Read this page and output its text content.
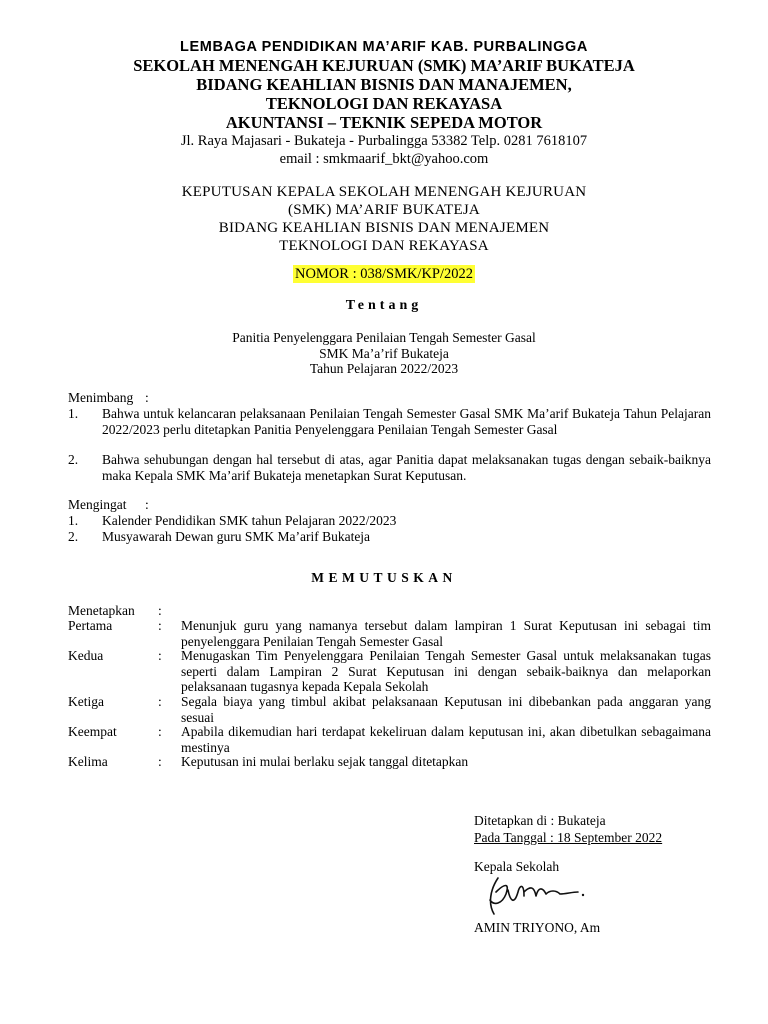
LEMBAGA PENDIDIKAN MA’ARIF KAB. PURBALINGGA
SEKOLAH MENENGAH KEJURUAN (SMK) MA’ARIF BUKATEJA
BIDANG KEAHLIAN BISNIS DAN MANAJEMEN,
TEKNOLOGI DAN REKAYASA
AKUNTANSI – TEKNIK SEPEDA MOTOR
Jl. Raya Majasari - Bukateja - Purbalingga 53382 Telp. 0281 7618107
email : smkmaarif_bkt@yahoo.com
KEPUTUSAN KEPALA SEKOLAH MENENGAH KEJURUAN
(SMK) MA’ARIF BUKATEJA
BIDANG KEAHLIAN BISNIS DAN MENAJEMEN
TEKNOLOGI DAN REKAYASA
NOMOR : 038/SMK/KP/2022
Tentang
Panitia Penyelenggara Penilaian Tengah Semester Gasal
SMK Ma’a’rif Bukateja
Tahun Pelajaran 2022/2023
Menimbang :
1. Bahwa untuk kelancaran pelaksanaan Penilaian Tengah Semester Gasal SMK Ma’arif Bukateja Tahun Pelajaran 2022/2023 perlu ditetapkan Panitia Penyelenggara Penilaian Tengah Semester Gasal
2. Bahwa sehubungan dengan hal tersebut di atas, agar Panitia dapat melaksanakan tugas dengan sebaik-baiknya maka Kepala SMK Ma’arif Bukateja menetapkan Surat Keputusan.
Mengingat :
1. Kalender Pendidikan SMK tahun Pelajaran 2022/2023
2. Musyawarah Dewan guru SMK Ma’arif Bukateja
MEMUTUSKAN
Menetapkan :
Pertama	: Menunjuk guru yang namanya tersebut dalam lampiran 1 Surat Keputusan ini sebagai tim penyelenggara Penilaian Tengah Semester Gasal
Kedua	: Menugaskan Tim Penyelenggara Penilaian Tengah Semester Gasal untuk melaksanakan tugas seperti dalam Lampiran 2 Surat Keputusan ini dengan sebaik-baiknya dan melaporkan pelaksanaan tugasnya kepada Kepala Sekolah
Ketiga	: Segala biaya yang timbul akibat pelaksanaan Keputusan ini dibebankan pada anggaran yang sesuai
Keempat	: Apabila dikemudian hari terdapat kekeliruan dalam keputusan ini, akan dibetulkan sebagaimana mestinya
Kelima	: Keputusan ini mulai berlaku sejak tanggal ditetapkan
Ditetapkan di : Bukateja
Pada Tanggal : 18 September 2022
Kepala Sekolah
AMIN TRIYONO, Am
